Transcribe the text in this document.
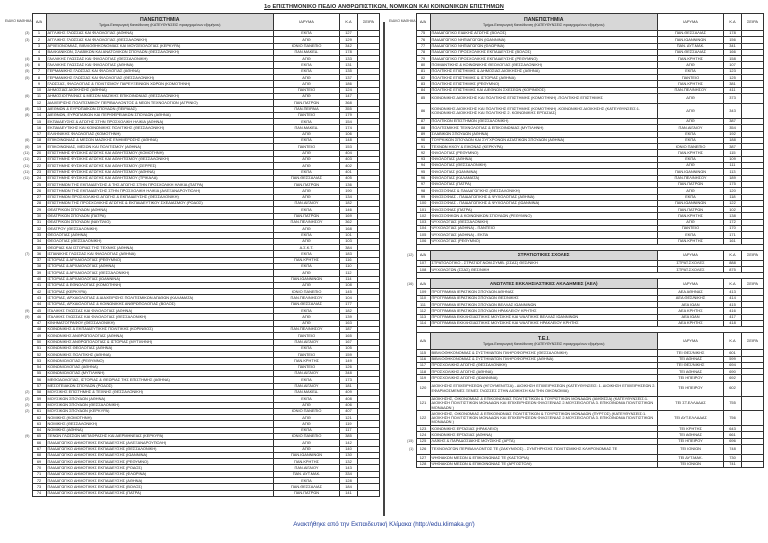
1ο ΕΠΙΣΤΗΜΟΝΙΚΟ ΠΕΔΙΟ ΑΝΘΡΩΠΙΣΤΙΚΩΝ, ΝΟΜΙΚΩΝ ΚΑΙ ΚΟΙΝΩΝΙΚΩΝ ΕΠΙΣΤΗΜΩΝ
ΕΙΔΙΚΟ ΜΑΘΗΜΑ	Α/Α	ΠΑΝΕΠΙΣΤΗΜΙΑ
Τμήμα-Εισαγωγική Κατεύθυνση (ΚΑΤΕΥΘΥΝΣΕΙΣ προερχομένων εξαμήνου)	ΙΔΡΥΜΑ	Κ.Α	ΣΕΙΡΑ
(3)	1	ΑΓΓΛΙΚΗΣ ΓΛΩΣΣΑΣ ΚΑΙ ΦΙΛΟΛΟΓΙΑΣ (ΑΘΗΝΑ)	ΕΚΠΑ	127	
(3)	2	ΑΓΓΛΙΚΗΣ ΓΛΩΣΣΑΣ ΚΑΙ ΦΙΛΟΛΟΓΙΑΣ (ΘΕΣΣΑΛΟΝΙΚΗ)	ΑΠΘ	129	
	3	ΑΡΧΕΙΟΝΟΜΙΑΣ, ΒΙΒΛΙΟΘΗΚΟΝΟΜΙΑΣ ΚΑΙ ΜΟΥΣΕΙΟΛΟΓΙΑΣ (ΚΕΡΚΥΡΑ)	ΙΟΝΙΟ ΠΑΝΕΠΙΟ	342	
	4	ΒΑΛΚΑΝΙΚΩΝ, ΣΛΑΒΙΚΩΝ ΚΑΙ ΑΝΑΤΟΛΙΚΩΝ ΣΠΟΥΔΩΝ (ΘΕΣΣΑΛΟΝΙΚΗ)	ΠΑΝ.ΜΑΚΕΔ.	178	
(4)	5	ΓΑΛΛΙΚΗΣ ΓΛΩΣΣΑΣ ΚΑΙ ΦΙΛΟΛΟΓΙΑΣ (ΘΕΣΣΑΛΟΝΙΚΗ)	ΑΠΘ	133	
(4)	6	ΓΑΛΛΙΚΗΣ ΓΛΩΣΣΑΣ ΚΑΙ ΦΙΛΟΛΟΓΙΑΣ (ΑΘΗΝΑ)	ΕΚΠΑ	131	
(5)	7	ΓΕΡΜΑΝΙΚΗΣ ΓΛΩΣΣΑΣ ΚΑΙ ΦΙΛΟΛΟΓΙΑΣ (ΑΘΗΝΑ)	ΕΚΠΑ	135	
(5)	8	ΓΕΡΜΑΝΙΚΗΣ ΓΛΩΣΣΑΣ ΚΑΙ ΦΙΛΟΛΟΓΙΑΣ (ΘΕΣΣΑΛΟΝΙΚΗ)	ΑΠΘ	137	
	9	ΓΛΩΣΣΑΣ, ΦΙΛΟΛΟΓΙΑΣ & ΠΟΛΙΤΙΣΜΟΥ ΠΑΡΕΥΞΕΙΝΙΩΝ ΧΩΡΩΝ (ΚΟΜΟΤΗΝΗ)	ΔΠΘ	186	
	10	ΔΗΜΟΣΙΑΣ ΔΙΟΙΚΗΣΗΣ (ΑΘΗΝΑ)	ΠΑΝΤΕΙΟ	124	
(6)	11	ΔΗΜΟΣΙΟΓΡΑΦΙΑΣ & ΜΕΣΩΝ ΜΑΖΙΚΗΣ ΕΠΙΚΟΙΝΩΝΙΑΣ (ΘΕΣΣΑΛΟΝΙΚΗ)	ΑΠΘ	147	
	12	ΔΙΑΧΕΙΡΙΣΗΣ ΠΟΛΙΤΙΣΜΙΚΟΥ ΠΕΡΙΒΑΛΛΟΝΤΟΣ & ΝΕΩΝ ΤΕΧΝΟΛΟΓΙΩΝ (ΑΓΡΙΝΙΟ)	ΠΑΝ.ΠΑΤΡΩΝ	368	
(8)	13	ΔΙΕΘΝΩΝ & ΕΥΡΩΠΑΪΚΩΝ ΣΠΟΥΔΩΝ (ΠΕΙΡΑΙΑΣ)	ΠΑΝ.ΠΕΙΡΑΙΑ	355	
(8)	14	ΔΙΕΘΝΩΝ, ΕΥΡΩΠΑΪΚΩΝ ΚΑΙ ΠΕΡΙΦΕΡΕΙΑΚΩΝ ΣΠΟΥΔΩΝ (ΑΘΗΝΑ)	ΠΑΝΤΕΙΟ	179	
	15	ΕΚΠΑΙΔΕΥΣΗΣ & ΑΓΩΓΗΣ ΣΤΗΝ ΠΡΟΣΧΟΛΙΚΗ ΗΛΙΚΙΑ (ΑΘΗΝΑ)	ΕΚΠΑ	154	
	16	ΕΚΠΑΙΔΕΥΤΙΚΗΣ ΚΑΙ ΚΟΙΝΩΝΙΚΗΣ ΠΟΛΙΤΙΚΗΣ (ΘΕΣΣΑΛΟΝΙΚΗ)	ΠΑΝ.ΜΑΚΕΔ.	174	
	17	ΕΛΛΗΝΙΚΗΣ ΦΙΛΟΛΟΓΙΑΣ (ΚΟΜΟΤΗΝΗ)	ΔΠΘ	106	
(6)	18	ΕΠΙΚΟΙΝΩΝΙΑΣ & ΜΕΣΩΝ ΜΑΖΙΚΗΣ ΕΝΗΜΕΡΩΣΗΣ (ΑΘΗΝΑ)	ΕΚΠΑ	148	
(6)	19	ΕΠΙΚΟΙΝΩΝΙΑΣ, ΜΕΣΩΝ ΚΑΙ ΠΟΛΙΤΙΣΜΟΥ (ΑΘΗΝΑ)	ΠΑΝΤΕΙΟ	153	
(11)	20	ΕΠΙΣΤΗΜΗΣ ΦΥΣΙΚΗΣ ΑΓΩΓΗΣ ΚΑΙ ΑΘΛΗΤΙΣΜΟΥ (ΚΟΜΟΤΗΝΗ)	ΔΠΘ	404	
(11)	21	ΕΠΙΣΤΗΜΗΣ ΦΥΣΙΚΗΣ ΑΓΩΓΗΣ ΚΑΙ ΑΘΛΗΤΙΣΜΟΥ (ΘΕΣΣΑΛΟΝΙΚΗ)	ΑΠΘ	403	
(11)	22	ΕΠΙΣΤΗΜΗΣ ΦΥΣΙΚΗΣ ΑΓΩΓΗΣ ΚΑΙ ΑΘΛΗΤΙΣΜΟΥ (ΣΕΡΡΕΣ)	ΑΠΘ	402	
(11)	23	ΕΠΙΣΤΗΜΗΣ ΦΥΣΙΚΗΣ ΑΓΩΓΗΣ ΚΑΙ ΑΘΛΗΤΙΣΜΟΥ (ΑΘΗΝΑ)	ΕΚΠΑ	401	
(11)	24	ΕΠΙΣΤΗΜΗΣ ΦΥΣΙΚΗΣ ΑΓΩΓΗΣ ΚΑΙ ΑΘΛΗΤΙΣΜΟΥ (ΤΡΙΚΑΛΑ)	ΠΑΝ.ΘΕΣΣΑΛΙΑΣ	405	
	25	ΕΠΙΣΤΗΜΩΝ ΤΗΣ ΕΚΠΑΙΔΕΥΣΗΣ & ΤΗΣ ΑΓΩΓΗΣ ΣΤΗΝ ΠΡΟΣΧΟΛΙΚΗ ΗΛΙΚΙΑ (ΠΑΤΡΑ)	ΠΑΝ.ΠΑΤΡΩΝ	136	
	26	ΕΠΙΣΤΗΜΩΝ ΤΗΣ ΕΚΠΑΙΔΕΥΣΗΣ ΣΤΗΝ ΠΡΟΣΧΟΛΙΚΗ ΗΛΙΚΙΑ (ΑΛΕΞΑΝΔΡΟΥΠΟΛΗ)	ΔΠΘ	190	
	27	ΕΠΙΣΤΗΜΩΝ ΠΡΟΣΧΟΛΙΚΗΣ ΑΓΩΓΗΣ & ΕΚΠΑΙΔΕΥΣΗΣ (ΘΕΣΣΑΛΟΝΙΚΗ)	ΑΠΘ	134	
	28	ΕΠΙΣΤΗΜΩΝ ΤΗΣ ΠΡΟΣΧΟΛΙΚΗΣ ΑΓΩΓΗΣ & ΕΚΠΑΙΔΕΥΤΙΚΟΥ ΣΧΕΔΙΑΣΜΟΥ (ΡΟΔΟΣ)	ΠΑΝ.ΑΙΓΑΙΟΥ	182	
	29	ΘΕΑΤΡΙΚΩΝ ΣΠΟΥΔΩΝ (ΑΘΗΝΑ)	ΕΚΠΑ	146	
	30	ΘΕΑΤΡΙΚΩΝ ΣΠΟΥΔΩΝ (ΠΑΤΡΑ)	ΠΑΝ.ΠΑΤΡΩΝ	169	
	31	ΘΕΑΤΡΙΚΩΝ ΣΠΟΥΔΩΝ (ΝΑΥΠΛΙΟ)	ΠΑΝ.ΠΕΛ/ΝΗΣΟΥ	362	
	32	ΘΕΑΤΡΟΥ (ΘΕΣΣΑΛΟΝΙΚΗ)	ΑΠΘ	168	
	33	ΘΕΟΛΟΓΙΑΣ (ΑΘΗΝΑ)	ΕΚΠΑ	101	
	34	ΘΕΟΛΟΓΙΑΣ (ΘΕΣΣΑΛΟΝΙΚΗ)	ΑΠΘ	103	
	35	ΘΕΩΡΙΑΣ ΚΑΙ ΙΣΤΟΡΙΑΣ ΤΗΣ ΤΕΧΝΗΣ (ΑΘΗΝΑ)	Α.Σ.Κ.Τ.	384	
(7)	36	ΙΣΠΑΝΙΚΗΣ ΓΛΩΣΣΑΣ ΚΑΙ ΦΙΛΟΛΟΓΙΑΣ (ΑΘΗΝΑ)	ΕΚΠΑ	183	
	37	ΙΣΤΟΡΙΑΣ & ΑΡΧΑΙΟΛΟΓΙΑΣ (ΡΕΘΥΜΝΟ)	ΠΑΝ.ΚΡΗΤΗΣ	116	
	38	ΙΣΤΟΡΙΑΣ & ΑΡΧΑΙΟΛΟΓΙΑΣ (ΑΘΗΝΑ)	ΕΚΠΑ	110	
	39	ΙΣΤΟΡΙΑΣ & ΑΡΧΑΙΟΛΟΓΙΑΣ (ΘΕΣΣΑΛΟΝΙΚΗ)	ΑΠΘ	112	
	40	ΙΣΤΟΡΙΑΣ & ΑΡΧΑΙΟΛΟΓΙΑΣ (ΙΩΑΝΝΙΝΑ)	ΠΑΝ.ΙΩΑΝΝΙΝΩΝ	114	
	41	ΙΣΤΟΡΙΑΣ & ΕΘΝΟΛΟΓΙΑΣ (ΚΟΜΟΤΗΝΗ)	ΔΠΘ	108	
	42	ΙΣΤΟΡΙΑΣ (ΚΕΡΚΥΡΑ)	ΙΟΝΙΟ ΠΑΝΕΠΙΟ	145	
	43	ΙΣΤΟΡΙΑΣ, ΑΡΧΑΙΟΛΟΓΙΑΣ & ΔΙΑΧΕΙΡΙΣΗΣ ΠΟΛΙΤΙΣΜΙΚΩΝ ΑΓΑΘΩΝ (ΚΑΛΑΜΑΤΑ)	ΠΑΝ.ΠΕΛ/ΝΗΣΟΥ	104	
	44	ΙΣΤΟΡΙΑΣ, ΑΡΧΑΙΟΛΟΓΙΑΣ & ΚΟΙΝΩΝΙΚΗΣ ΑΝΘΡΩΠΟΛΟΓΙΑΣ (ΒΟΛΟΣ)	ΠΑΝ.ΘΕΣΣΑΛΙΑΣ	177	
(9)	45	ΙΤΑΛΙΚΗΣ ΓΛΩΣΣΑΣ ΚΑΙ ΦΙΛΟΛΟΓΙΑΣ (ΑΘΗΝΑ)	ΕΚΠΑ	182	
(9)	46	ΙΤΑΛΙΚΗΣ ΓΛΩΣΣΑΣ ΚΑΙ ΦΙΛΟΛΟΓΙΑΣ (ΘΕΣΣΑΛΟΝΙΚΗ)	ΑΠΘ	139	
	47	ΚΙΝΗΜΑΤΟΓΡΑΦΟΥ (ΘΕΣΣΑΛΟΝΙΚΗ)	ΑΠΘ	163	
	48	ΚΟΙΝΩΝΙΚΗΣ & ΕΚΠΑΙΔΕΥΤΙΚΗΣ ΠΟΛΙΤΙΚΗΣ (ΚΟΡΙΝΘΟΣ)	ΠΑΝ.ΠΕΛ/ΝΗΣΟΥ	187	
	49	ΚΟΙΝΩΝΙΚΗΣ ΑΝΘΡΩΠΟΛΟΓΙΑΣ (ΑΘΗΝΑ)	ΠΑΝΤΕΙΟ	165	
	50	ΚΟΙΝΩΝΙΚΗΣ ΑΝΘΡΩΠΟΛΟΓΙΑΣ & ΙΣΤΟΡΙΑΣ (ΜΥΤΙΛΗΝΗ)	ΠΑΝ.ΑΙΓΑΙΟΥ	167	
	51	ΚΟΙΝΩΝΙΚΗΣ ΘΕΟΛΟΓΙΑΣ (ΑΘΗΝΑ)	ΕΚΠΑ	105	
	52	ΚΟΙΝΩΝΙΚΗΣ ΠΟΛΙΤΙΚΗΣ (ΑΘΗΝΑ)	ΠΑΝΤΕΙΟ	159	
	53	ΚΟΙΝΩΝΙΟΛΟΓΙΑΣ (ΡΕΘΥΜΝΟ)	ΠΑΝ.ΚΡΗΤΗΣ	149	
	54	ΚΟΙΝΩΝΙΟΛΟΓΙΑΣ (ΑΘΗΝΑ)	ΠΑΝΤΕΙΟ	126	
	55	ΚΟΙΝΩΝΙΟΛΟΓΙΑΣ (ΜΥΤΙΛΗΝΗ)	ΠΑΝ.ΑΙΓΑΙΟΥ	348	
	56	ΜΕΘΟΔΟΛΟΓΙΑΣ, ΙΣΤΟΡΙΑΣ & ΘΕΩΡΙΑΣ ΤΗΣ ΕΠΙΣΤΗΜΗΣ (ΑΘΗΝΑ)	ΕΚΠΑ	173	
	57	ΜΕΣΟΓΕΙΑΚΩΝ ΣΠΟΥΔΩΝ (ΡΟΔΟΣ)	ΠΑΝ.ΑΙΓΑΙΟΥ	181	
(2)	58	ΜΟΥΣΙΚΗΣ ΕΠΙΣΤΗΜΗΣ & ΤΕΧΝΗΣ (ΘΕΣΣΑΛΟΝΙΚΗ)	ΠΑΝ.ΜΑΚΕΔ.	409	
(2)	59	ΜΟΥΣΙΚΩΝ ΣΠΟΥΔΩΝ (ΑΘΗΝΑ)	ΕΚΠΑ	408	
(2)	60	ΜΟΥΣΙΚΩΝ ΣΠΟΥΔΩΝ (ΘΕΣΣΑΛΟΝΙΚΗ)	ΑΠΘ	406	
(2)	61	ΜΟΥΣΙΚΩΝ ΣΠΟΥΔΩΝ (ΚΕΡΚΥΡΑ)	ΙΟΝΙΟ ΠΑΝΕΠΙΟ	407	
	62	ΝΟΜΙΚΗΣ (ΚΟΜΟΤΗΝΗ)	ΔΠΘ	121	
	63	ΝΟΜΙΚΗΣ (ΘΕΣΣΑΛΟΝΙΚΗ)	ΑΠΘ	119	
	64	ΝΟΜΙΚΗΣ (ΑΘΗΝΑ)	ΕΚΠΑ	117	
(9)	65	ΞΕΝΩΝ ΓΛΩΣΣΩΝ ΜΕΤΑΦΡΑΣΗΣ ΚΑΙ ΔΙΕΡΜΗΝΕΙΑΣ (ΚΕΡΚΥΡΑ)	ΙΟΝΙΟ ΠΑΝΕΠΙΟ	385	
	66	ΠΑΙΔΑΓΩΓΙΚΟ ΔΗΜΟΤΙΚΗΣ ΕΚΠΑΙΔΕΥΣΗΣ (ΑΛΕΞΑΝΔΡΟΥΠΟΛΗ)	ΔΠΘ	142	
	67	ΠΑΙΔΑΓΩΓΙΚΟ ΔΗΜΟΤΙΚΗΣ ΕΚΠΑΙΔΕΥΣΗΣ (ΘΕΣΣΑΛΟΝΙΚΗ)	ΑΠΘ	140	
	68	ΠΑΙΔΑΓΩΓΙΚΟ ΔΗΜΟΤΙΚΗΣ ΕΚΠΑΙΔΕΥΣΗΣ (ΙΩΑΝΝΙΝΑ)	ΠΑΝ.ΙΩΑΝΝΙΝΩΝ	130	
	69	ΠΑΙΔΑΓΩΓΙΚΟ ΔΗΜΟΤΙΚΗΣ ΕΚΠΑΙΔΕΥΣΗΣ (ΡΕΘΥΜΝΟ)	ΠΑΝ.ΚΡΗΤΗΣ	132	
	70	ΠΑΙΔΑΓΩΓΙΚΟ ΔΗΜΟΤΙΚΗΣ ΕΚΠΑΙΔΕΥΣΗΣ (ΡΟΔΟΣ)	ΠΑΝ.ΑΙΓΑΙΟΥ	143	
	71	ΠΑΙΔΑΓΩΓΙΚΟ ΔΗΜΟΤΙΚΗΣ ΕΚΠΑΙΔΕΥΣΗΣ (ΦΛΩΡΙΝΑ)	ΠΑΝ. ΔΥΤ.ΜΑΚ.	334	
	72	ΠΑΙΔΑΓΩΓΙΚΟ ΔΗΜΟΤΙΚΗΣ ΕΚΠΑΙΔΕΥΣΗΣ (ΑΘΗΝΑ)	ΕΚΠΑ	128	
	73	ΠΑΙΔΑΓΩΓΙΚΟ ΔΗΜΟΤΙΚΗΣ ΕΚΠΑΙΔΕΥΣΗΣ (ΒΟΛΟΣ)	ΠΑΝ.ΘΕΣΣΑΛΙΑΣ	184	
	74	ΠΑΙΔΑΓΩΓΙΚΟ ΔΗΜΟΤΙΚΗΣ ΕΚΠΑΙΔΕΥΣΗΣ (ΠΑΤΡΑ)	ΠΑΝ.ΠΑΤΡΩΝ	141	
ΕΙΔΙΚΟ ΜΑΘΗΜΑ	Α/Α	ΠΑΝΕΠΙΣΤΗΜΙΑ
Τμήμα-Εισαγωγική Κατεύθυνση (ΚΑΤΕΥΘΥΝΣΕΙΣ προερχομένων εξαμήνου)	ΙΔΡΥΜΑ	Κ.Α	ΣΕΙΡΑ
	75	ΠΑΙΔΑΓΩΓΙΚΟ ΕΙΔΙΚΗΣ ΑΓΩΓΗΣ (ΒΟΛΟΣ)	ΠΑΝ.ΘΕΣΣΑΛΙΑΣ	178	
	76	ΠΑΙΔΑΓΩΓΙΚΟ ΝΗΠΙΑΓΩΓΩΝ (ΙΩΑΝΝΙΝΑ)	ΠΑΝ.ΙΩΑΝΝΙΝΩΝ	156	
	77	ΠΑΙΔΑΓΩΓΙΚΟ ΝΗΠΙΑΓΩΓΩΝ (ΦΛΩΡΙΝΑ)	ΠΑΝ. ΔΥΤ.ΜΑΚ.	341	
	78	ΠΑΙΔΑΓΩΓΙΚΟ ΠΡΟΣΧΟΛΙΚΗΣ ΕΚΠΑΙΔΕΥΣΗΣ (ΒΟΛΟΣ)	ΠΑΝ.ΘΕΣΣΑΛΙΑΣ	166	
	79	ΠΑΙΔΑΓΩΓΙΚΟ ΠΡΟΣΧΟΛΙΚΗΣ ΕΚΠΑΙΔΕΥΣΗΣ (ΡΕΘΥΜΝΟ)	ΠΑΝ.ΚΡΗΤΗΣ	158	
	80	ΠΟΙΜΑΝΤΙΚΗΣ & ΚΟΙΝΩΝΙΚΗΣ ΘΕΟΛΟΓΙΑΣ (ΘΕΣΣΑΛΟΝΙΚΗ)	ΑΠΘ	107	
	81	ΠΟΛΙΤΙΚΗΣ ΕΠΙΣΤΗΜΗΣ & ΔΗΜΟΣΙΑΣ ΔΙΟΙΚΗΣΗΣ (ΑΘΗΝΑ)	ΕΚΠΑ	123	
	82	ΠΟΛΙΤΙΚΗΣ ΕΠΙΣΤΗΜΗΣ & ΙΣΤΟΡΙΑΣ (ΑΘΗΝΑ)	ΠΑΝΤΕΙΟ	125	
	83	ΠΟΛΙΤΙΚΗΣ ΕΠΙΣΤΗΜΗΣ (ΡΕΘΥΜΝΟ)	ΠΑΝ.ΚΡΗΤΗΣ	381	
	84	ΠΟΛΙΤΙΚΗΣ ΕΠΙΣΤΗΜΗΣ ΚΑΙ ΔΙΕΘΝΩΝ ΣΧΕΣΕΩΝ (ΚΟΡΙΝΘΟΣ)	ΠΑΝ.ΠΕΛ/ΝΗΣΟΥ	411	
	85	ΚΟΙΝΩΝΙΚΗΣ ΔΙΟΙΚΗΣΗΣ ΚΑΙ ΠΟΛΙΤΙΚΗΣ ΕΠΙΣΤΗΜΗΣ (ΚΟΜΟΤΗΝΗ) -ΠΟΛΙΤΙΚΗΣ ΕΠΙΣΤΗΜΗΣ	ΔΠΘ	373	
	86	ΚΟΙΝΩΝΙΚΗΣ ΔΙΟΙΚΗΣΗΣ ΚΑΙ ΠΟΛΙΤΙΚΗΣ ΕΠΙΣΤΗΜΗΣ (ΚΟΜΟΤΗΝΗ) -ΚΟΙΝΩΝΙΚΗΣ ΔΙΟΙΚΗΣΗΣ (ΚΑΤΕΥΘΥΝΣΕΙΣ:1. ΚΟΙΝΩΝΙΚΗΣ ΔΙΟΙΚΗΣΗΣ ΚΑΙ ΠΟΛΙΤΙΚΗΣ 2. ΚΟΙΝΩΝΙΚΗΣ ΕΡΓΑΣΙΑΣ)	ΔΠΘ	343	
	87	ΠΟΛΙΤΙΚΩΝ ΕΠΙΣΤΗΜΩΝ (ΘΕΣΣΑΛΟΝΙΚΗ)	ΑΠΘ	387	
	88	ΠΟΛΙΤΙΣΜΙΚΗΣ ΤΕΧΝΟΛΟΓΙΑΣ & ΕΠΙΚΟΙΝΩΝΙΑΣ (ΜΥΤΙΛΗΝΗ)	ΠΑΝ.ΑΙΓΑΙΟΥ	354	
	89	ΣΛΑΒΙΚΩΝ ΣΠΟΥΔΩΝ (ΑΘΗΝΑ)	ΕΚΠΑ	192	
	90	ΤΟΥΡΚΙΚΩΝ ΣΠΟΥΔΩΝ ΚΑΙ ΣΥΓΧΡΟΝΩΝ ΑΣΙΑΤΙΚΩΝ ΣΠΟΥΔΩΝ (ΑΘΗΝΑ)	ΕΚΠΑ	188	
	91	ΤΕΧΝΩΝ ΗΧΟΥ & ΕΙΚΟΝΑΣ (ΚΕΡΚΥΡΑ)	ΙΟΝΙΟ ΠΑΝΕΠΙΟ	387	
	92	ΦΙΛΟΛΟΓΙΑΣ (ΡΕΘΥΜΝΟ)	ΠΑΝ.ΚΡΗΤΗΣ	115	
	93	ΦΙΛΟΛΟΓΙΑΣ (ΑΘΗΝΑ)	ΕΚΠΑ	109	
	94	ΦΙΛΟΛΟΓΙΑΣ (ΘΕΣΣΑΛΟΝΙΚΗ)	ΑΠΘ	111	
	95	ΦΙΛΟΛΟΓΙΑΣ (ΙΩΑΝΝΙΝΑ)	ΠΑΝ.ΙΩΑΝΝΙΝΩΝ	113	
	96	ΦΙΛΟΛΟΓΙΑΣ (ΚΑΛΑΜΑΤΑ)	ΠΑΝ.ΠΕΛ/ΝΗΣΟΥ	189	
	97	ΦΙΛΟΛΟΓΙΑΣ (ΠΑΤΡΑ)	ΠΑΝ.ΠΑΤΡΩΝ	175	
	98	ΦΙΛΟΣΟΦΙΑΣ & ΠΑΙΔΑΓΩΓΙΚΗΣ (ΘΕΣΣΑΛΟΝΙΚΗ)	ΑΠΘ	120	
	99	ΦΙΛΟΣΟΦΙΑΣ - ΠΑΙΔΑΓΩΓΙΚΗΣ & ΨΥΧΟΛΟΓΙΑΣ (ΑΘΗΝΑ)	ΕΚΠΑ	118	
	100	ΦΙΛΟΣΟΦΙΑΣ - ΠΑΙΔΑΓΩΓΙΚΗΣ & ΨΥΧΟΛΟΓΙΑΣ (ΙΩΑΝΝΙΝΑ)	ΠΑΝ.ΙΩΑΝΝΙΝΩΝ	122	
	101	ΦΙΛΟΣΟΦΙΑΣ (ΠΑΤΡΑ)	ΠΑΝ.ΠΑΤΡΩΝ	102	
	102	ΦΙΛΟΣΟΦΙΚΩΝ & ΚΟΙΝΩΝΙΚΩΝ ΣΠΟΥΔΩΝ (ΡΕΘΥΜΝΟ)	ΠΑΝ.ΚΡΗΤΗΣ	138	
	103	ΨΥΧΟΛΟΓΙΑΣ (ΘΕΣΣΑΛΟΝΙΚΗ)	ΑΠΘ	172	
	104	ΨΥΧΟΛΟΓΙΑΣ (ΑΘΗΝΑ) - ΠΑΝΤΕΙΟ	ΠΑΝΤΕΙΟ	170	
	105	ΨΥΧΟΛΟΓΙΑΣ (ΑΘΗΝΑ) - ΕΚΠΑ	ΕΚΠΑ	171	
	106	ΨΥΧΟΛΟΓΙΑΣ (ΡΕΘΥΜΝΟ)	ΠΑΝ.ΚΡΗΤΗΣ	161	

(12)	Α/Α	ΣΤΡΑΤΙΩΤΙΚΕΣ ΣΧΟΛΕΣ	ΙΔΡΥΜΑ	Κ.Α	ΣΕΙΡΑ
	107	ΣΤΡΑΤΟΛΟΓΙΚΟ - ΣΤΡΑΤΙΩΤ.ΝΟΜ.ΣΥΜΒ. (ΣΣΑΣ) ΘΕΣ/ΝΙΚΗ	ΣΤΡΑΤ.ΣΧΟΛΕΣ	888	
	108	ΨΥΧΟΛΟΓΩΝ (ΣΣΑΣ) ΘΕΣ/ΝΙΚΗ	ΣΤΡΑΤ.ΣΧΟΛΕΣ	875	

(16)	Α/Α	ΑΝΩΤΑΤΕΣ ΕΚΚΛΗΣΙΑΣΤΙΚΕΣ ΑΚΑΔΗΜΙΕΣ (ΑΕΑ)	ΙΔΡΥΜΑ	Κ.Α	ΣΕΙΡΑ
	109	ΠΡΟΓΡΑΜΜΑ ΙΕΡΑΤΙΚΩΝ ΣΠΟΥΔΩΝ ΑΘΗΝΑΣ	ΑΕΑ ΑΘΗΝΑΣ	413	
	110	ΠΡΟΓΡΑΜΜΑ ΙΕΡΑΤΙΚΩΝ ΣΠΟΥΔΩΝ ΘΕΣ/ΝΙΚΗΣ	ΑΕΑ ΘΕΣ/ΝΙΚΗΣ	414	
	111	ΠΡΟΓΡΑΜΜΑ ΙΕΡΑΤΙΚΩΝ ΣΠΟΥΔΩΝ ΒΕΛΛΑΣ ΙΩΑΝΝΙΝΩΝ	ΑΕΑ ΙΩΑΝ	415	
	112	ΠΡΟΓΡΑΜΜΑ ΙΕΡΑΤΙΚΩΝ ΣΠΟΥΔΩΝ ΗΡΑΚΛΕΙΟΥ ΚΡΗΤΗΣ	ΑΕΑ ΚΡΗΤΗΣ	416	
	113	ΠΡΟΓΡΑΜΜΑ ΕΚΚΛΗΣΙΑΣΤΙΚΗΣ ΜΟΥΣΙΚΗΣ ΚΑΙ ΨΑΛΤΙΚΗΣ ΒΕΛΛΑΣ ΙΩΑΝΝΙΝΩΝ	ΑΕΑ ΙΩΑΝ	417	
	114	ΠΡΟΓΡΑΜΜΑ ΕΚΚΛΗΣΙΑΣΤΙΚΗΣ ΜΟΥΣΙΚΗΣ ΚΑΙ ΨΑΛΤΙΚΗΣ ΗΡΑΚΛΕΙΟΥ ΚΡΗΤΗΣ	ΑΕΑ ΚΡΗΤΗΣ	418	

	Α/Α	Τ.Ε.Ι.
Τμήμα-Εισαγωγική Κατεύθυνση (ΚΑΤΕΥΘΥΝΣΕΙΣ προερχομένων εξαμήνου)	ΙΔΡΥΜΑ	Κ.Α	ΣΕΙΡΑ
	115	ΒΙΒΛΙΟΘΗΚΟΝΟΜΙΑΣ & ΣΥΣΤΗΜΑΤΩΝ ΠΛΗΡΟΦΟΡΗΣΗΣ (ΘΕΣΣΑΛΟΝΙΚΗ)	ΤΕΙ ΘΕΣ/ΝΙΚΗΣ	601	
	116	ΒΙΒΛΙΟΘΗΚΟΝΟΜΙΑΣ & ΣΥΣΤΗΜΑΤΩΝ ΠΛΗΡΟΦΟΡΗΣΗΣ (ΑΘΗΝΑ)	ΤΕΙ ΑΘΗΝΑΣ	599	
	117	ΠΡΟΣΧΟΛΙΚΗΣ ΑΓΩΓΗΣ (ΘΕΣΣΑΛΟΝΙΚΗ)	ΤΕΙ ΘΕΣ/ΝΙΚΗΣ	694	
	118	ΠΡΟΣΧΟΛΙΚΗΣ ΑΓΩΓΗΣ (ΑΘΗΝΑ)	ΤΕΙ ΑΘΗΝΑΣ	690	
	119	ΠΡΟΣΧΟΛΙΚΗΣ ΑΓΩΓΗΣ (ΙΩΑΝΝΙΝΑ)	ΤΕΙ ΗΠΕΙΡΟΥ	692	
	120	ΔΙΟΙΚΗΣΗΣ ΕΠΙΧΕΙΡΗΣΕΩΝ (ΗΓΟΥΜΕΝΙΤΣΑ) - ΔΙΟΙΚΗΣΗ ΕΠΙΧΕΙΡΗΣΕΩΝ (ΚΑΤΕΥΘΥΝΣΕΙΣ: 1. ΔΙΟΙΚΗΣΗ ΕΠΙΧΕΙΡΗΣΕΩΝ 2. ΕΦΑΡΜΟΣΜΕΝΕΣ ΞΕΝΕΣ ΓΛΩΣΣΕΣ ΣΤΗΝ ΔΙΟΙΚΗΣΗ ΚΑΙ ΤΗΝ ΟΙΚΟΝΟΜΙΑ)	ΤΕΙ ΗΠΕΙΡΟΥ	602	
	121	ΔΙΟΙΚΗΣΗΣ, ΟΙΚΟΝΟΜΙΑΣ & ΕΠΙΚΟΙΝΩΝΙΑΣ ΠΟΛΙΤΙΣΤΙΚΩΝ & ΤΟΥΡΙΣΤΙΚΩΝ ΜΟΝΑΔΩΝ (ΑΜΦΙΣΣΑ) (ΚΑΤΕΥΘΥΝΣΕΙΣ:1. ΔΙΟΙΚΗΣΗ ΠΟΛΙΤΙΣΤΙΚΩΝ ΜΟΝΑΔΩΝ ΚΑΙ ΕΠΙΧΕΙΡΗΣΕΩΝ ΦΙΛΟΞΕΝΙΑΣ 2.ΜΟΥΣΕΙΟΛΟΓΙΑ 3. ΕΠΙΚΟΙΝΩΝΙΑ ΠΟΛΙΤΙΣΤΙΚΩΝ ΜΟΝΑΔΩΝ )	ΤΕΙ ΣΤ.ΕΛΛΑΔΑΣ	755	
	122	ΔΙΟΙΚΗΣΗΣ, ΟΙΚΟΝΟΜΙΑΣ & ΕΠΙΚΟΙΝΩΝΙΑΣ ΠΟΛΙΤΙΣΤΙΚΩΝ & ΤΟΥΡΙΣΤΙΚΩΝ ΜΟΝΑΔΩΝ (ΠΥΡΓΟΣ) (ΚΑΤΕΥΘΥΝΣΕΙΣ:1. ΔΙΟΙΚΗΣΗ ΠΟΛΙΤΙΣΤΙΚΩΝ ΜΟΝΑΔΩΝ ΚΑΙ ΕΠΙΧΕΙΡΗΣΕΩΝ ΦΙΛΟΞΕΝΙΑΣ 2.ΜΟΥΣΕΙΟΛΟΓΙΑ 3. ΕΠΙΚΟΙΝΩΝΙΑ ΠΟΛΙΤΙΣΤΙΚΩΝ ΜΟΝΑΔΩΝ )	ΤΕΙ ΔΥΤ.ΕΛΛΑΔΑΣ	756	
	123	ΚΟΙΝΩΝΙΚΗΣ ΕΡΓΑΣΙΑΣ (ΗΡΑΚΛΕΙΟ)	ΤΕΙ ΚΡΗΤΗΣ	643	
	124	ΚΟΙΝΩΝΙΚΗΣ ΕΡΓΑΣΙΑΣ (ΑΘΗΝΑ)	ΤΕΙ ΑΘΗΝΑΣ	661	
(15)	125	ΛΑΪΚΗΣ & ΠΑΡΑΔΟΣΙΑΚΗΣ ΜΟΥΣΙΚΗΣ (ΑΡΤΑ)	ΤΕΙ ΗΠΕΙΡΟΥ	696	
(1)	126	ΤΕΧΝΟΛΟΓΩΝ ΠΕΡΙΒΑΛΛΟΝΤΟΣ ΤΕ (ΖΑΚΥΝΘΟΣ) - ΣΥΝΤΗΡΗΣΗΣ ΠΟΛΙΤΙΣΜΙΚΗΣ ΚΛΗΡΟΝΟΜΙΑΣ ΤΕ	ΤΕΙ ΙΟΝΙΩΝ	748	
	127	ΨΗΦΙΑΚΩΝ ΜΕΣΩΝ & ΕΠΙΚΟΙΝΩΝΙΑΣ ΤΕ (ΚΑΣΤΟΡΙΑ)	ΤΕΙ ΔΥΤ.ΜΑΚ.	730	
	128	ΨΗΦΙΑΚΩΝ ΜΕΣΩΝ & ΕΠΙΚΟΙΝΩΝΙΑΣ ΤΕ (ΑΡΓΟΣΤΟΛΙ)	ΤΕΙ ΙΟΝΙΩΝ	741	
Ανακτήθηκε από την Εκπαιδευτική Κλίμακα (http://edu.klimaka.gr/)
